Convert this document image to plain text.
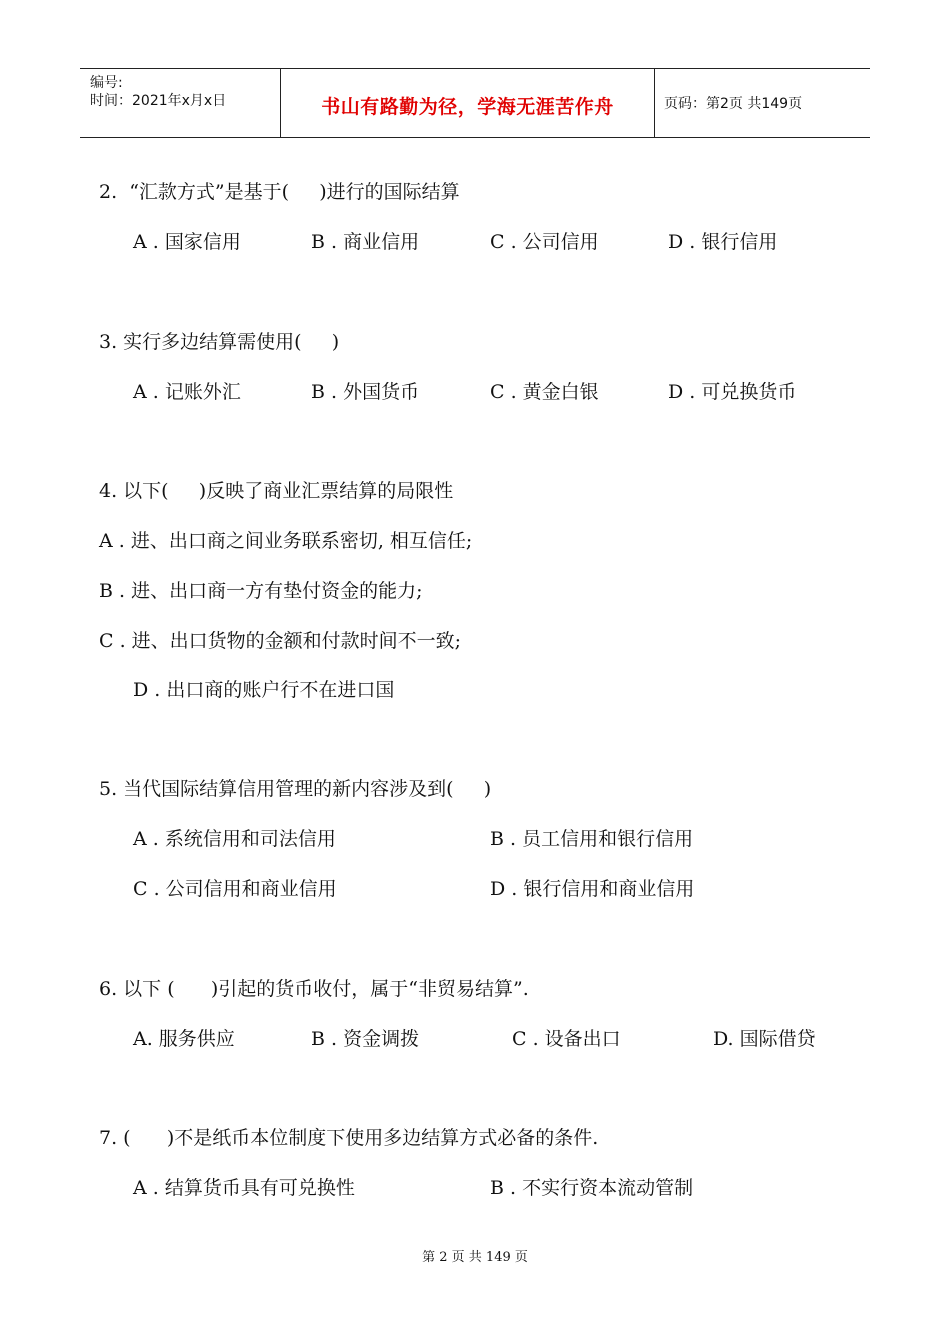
编号:
时间：2021年x月x日	书山有路勤为径，学海无涯苦作舟	页码：第2页 共149页
2.  “汇款方式”是基于(     )进行的国际结算
A . 国家信用	B . 商业信用	C . 公司信用	D . 银行信用
3. 实行多边结算需使用(     )
A . 记账外汇	B . 外国货币	C . 黄金白银	D . 可兑换货币
4. 以下(     )反映了商业汇票结算的局限性
A . 进、出口商之间业务联系密切, 相互信任;
B . 进、出口商一方有垫付资金的能力;
C . 进、出口货物的金额和付款时间不一致;
D . 出口商的账户行不在进口国
5. 当代国际结算信用管理的新内容涉及到(     )
A . 系统信用和司法信用	B . 员工信用和银行信用
C . 公司信用和商业信用	D . 银行信用和商业信用
6. 以下 (      )引起的货币收付，属于“非贸易结算”.
A. 服务供应	B . 资金调拨	C . 设备出口	D. 国际借贷
7. (      )不是纸币本位制度下使用多边结算方式必备的条件.
A . 结算货币具有可兑换性	B . 不实行资本流动管制
第 2 页 共 149 页
